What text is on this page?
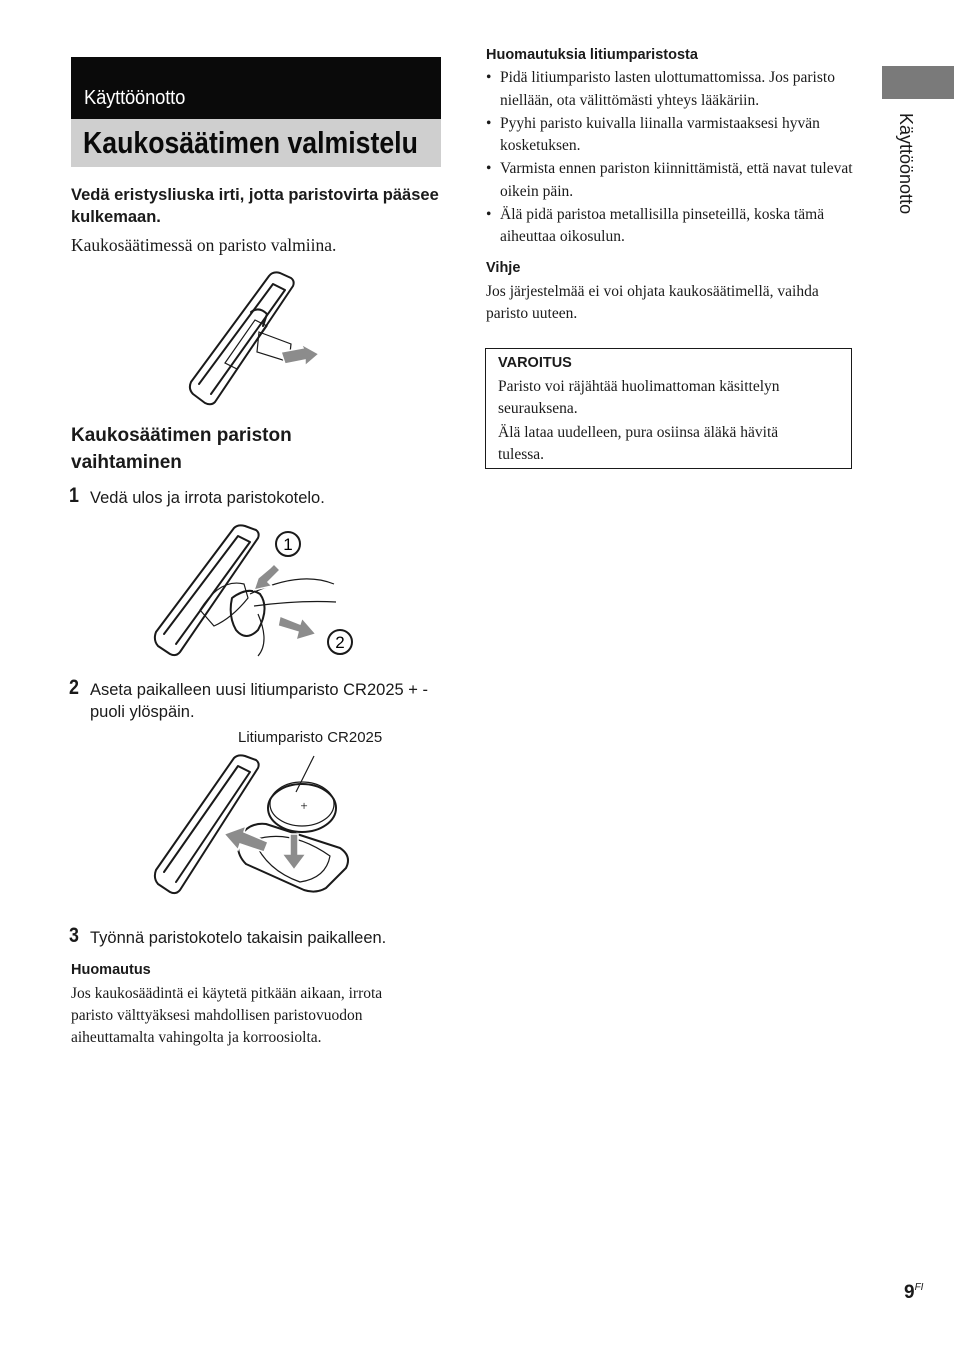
Käyttöönotto
Kaukosäätimen valmistelu
Vedä eristysliuska irti, jotta paristovirta pääsee kulkemaan.
Kaukosäätimessä on paristo valmiina.
Kaukosäätimen pariston vaihtaminen
1 Vedä ulos ja irrota paristokotelo.
1
2
2 Aseta paikalleen uusi litiumparisto CR2025 + -puoli ylöspäin.
Litiumparisto CR2025
+
3 Työnnä paristokotelo takaisin paikalleen.
Huomautus
Jos kaukosäädintä ei käytetä pitkään aikaan, irrota paristo välttyäksesi mahdollisen paristovuodon aiheuttamalta vahingolta ja korroosiolta.
Huomautuksia litiumparistosta
• Pidä litiumparisto lasten ulottumattomissa. Jos paristo niellään, ota välittömästi yhteys lääkäriin.
• Pyyhi paristo kuivalla liinalla varmistaaksesi hyvän kosketuksen.
• Varmista ennen pariston kiinnittämistä, että navat tulevat oikein päin.
• Älä pidä paristoa metallisilla pinseteillä, koska tämä aiheuttaa oikosulun.
Vihje
Jos järjestelmää ei voi ohjata kaukosäätimellä, vaihda paristo uuteen.
VAROITUS
Paristo voi räjähtää huolimattoman käsittelyn seurauksena.
Älä lataa uudelleen, pura osiinsa äläkä hävitä tulessa.
Käyttöönotto
$9^{FI}$
